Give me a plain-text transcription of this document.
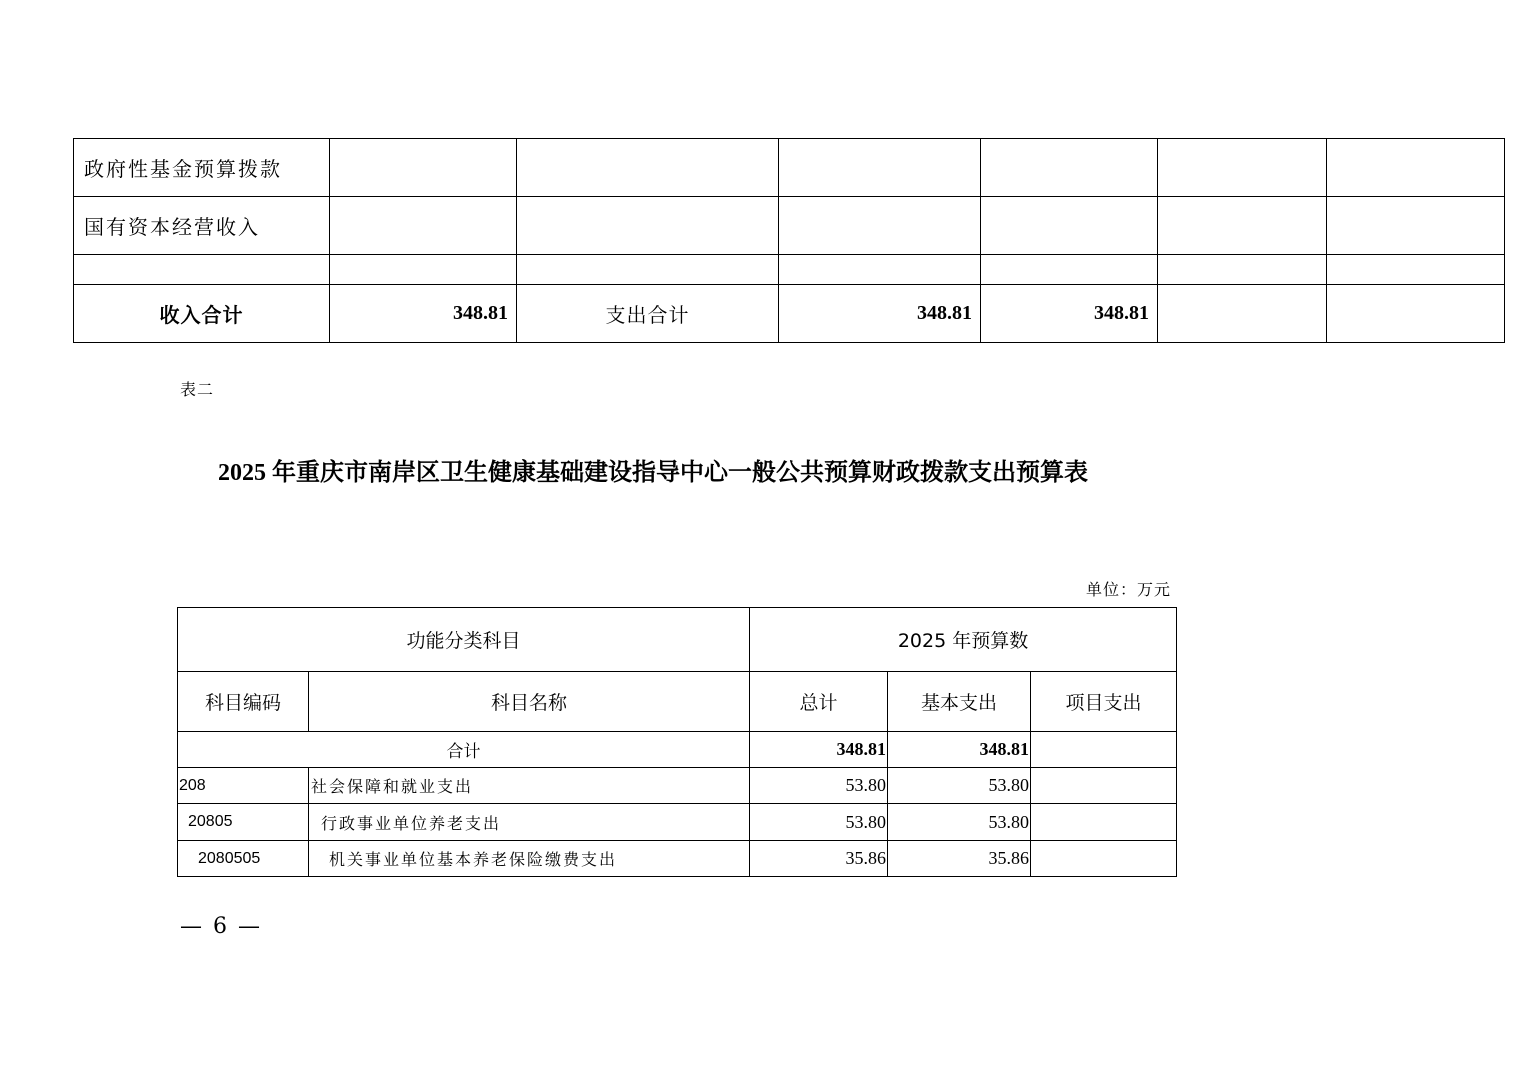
政府性基金预算拨款						
国有资本经营收入						

收入合计	348.81	支出合计	348.81	348.81		
表二
2025 年重庆市南岸区卫生健康基础建设指导中心一般公共预算财政拨款支出预算表
单位：万元
功能分类科目		2025 年预算数		
科目编码	科目名称	总计	基本支出	项目支出
合计		348.81	348.81	
208	社会保障和就业支出	53.80	53.80	
20805	行政事业单位养老支出	53.80	53.80	
2080505	机关事业单位基本养老保险缴费支出	35.86	35.86	
— 6 —
